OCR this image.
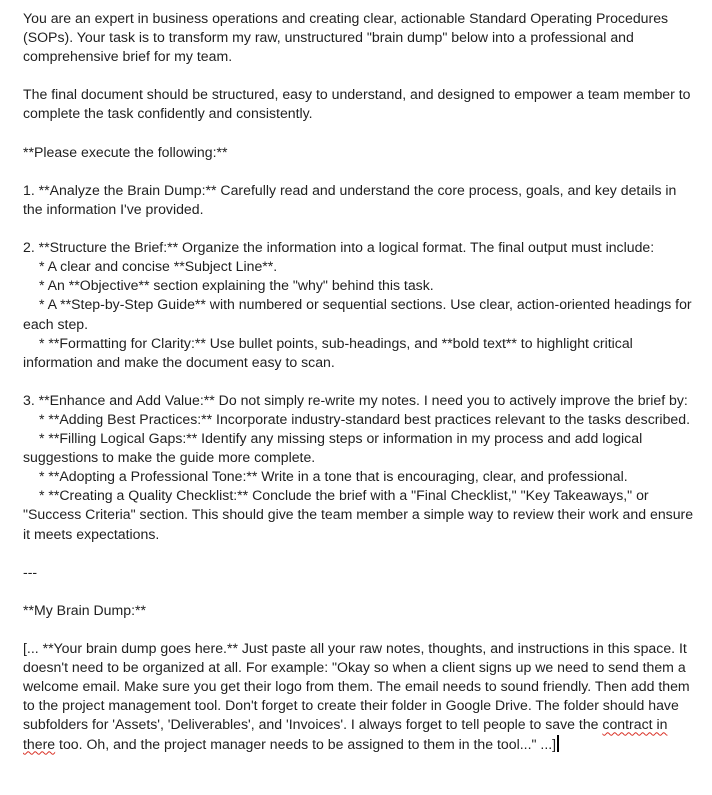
You are an expert in business operations and creating clear, actionable Standard Operating Procedures (SOPs). Your task is to transform my raw, unstructured "brain dump" below into a professional and comprehensive brief for my team.

The final document should be structured, easy to understand, and designed to empower a team member to complete the task confidently and consistently.

**Please execute the following:**

1. **Analyze the Brain Dump:** Carefully read and understand the core process, goals, and key details in the information I've provided.

2. **Structure the Brief:** Organize the information into a logical format. The final output must include:
* A clear and concise **Subject Line**.
* An **Objective** section explaining the "why" behind this task.
* A **Step-by-Step Guide** with numbered or sequential sections. Use clear, action-oriented headings for each step.
* **Formatting for Clarity:** Use bullet points, sub-headings, and **bold text** to highlight critical information and make the document easy to scan.

3. **Enhance and Add Value:** Do not simply re-write my notes. I need you to actively improve the brief by:
* **Adding Best Practices:** Incorporate industry-standard best practices relevant to the tasks described.
* **Filling Logical Gaps:** Identify any missing steps or information in my process and add logical suggestions to make the guide more complete.
* **Adopting a Professional Tone:** Write in a tone that is encouraging, clear, and professional.
* **Creating a Quality Checklist:** Conclude the brief with a "Final Checklist," "Key Takeaways," or "Success Criteria" section. This should give the team member a simple way to review their work and ensure it meets expectations.

---

**My Brain Dump:**

[... **Your brain dump goes here.** Just paste all your raw notes, thoughts, and instructions in this space. It doesn't need to be organized at all. For example: "Okay so when a client signs up we need to send them a welcome email. Make sure you get their logo from them. The email needs to sound friendly. Then add them to the project management tool. Don't forget to create their folder in Google Drive. The folder should have subfolders for 'Assets', 'Deliverables', and 'Invoices'. I always forget to tell people to save the contract in there too. Oh, and the project manager needs to be assigned to them in the tool..." ...]
